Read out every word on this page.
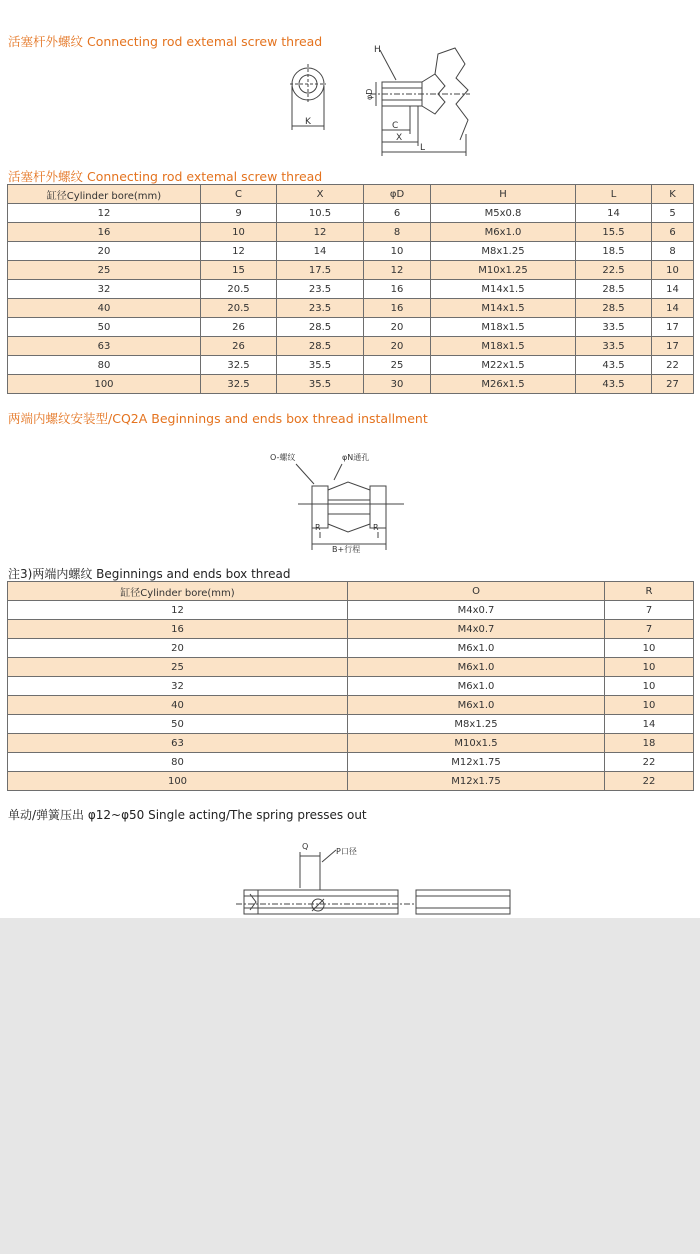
活塞杆外螺纹 Connecting rod extemal screw thread
H
φD
C
X
L
K
活塞杆外螺纹 Connecting rod extemal screw thread
缸径Cylinder bore(mm)	C	X	φD	H	L	K
12	9	10.5	6	M5x0.8	14	5
16	10	12	8	M6x1.0	15.5	6
20	12	14	10	M8x1.25	18.5	8
25	15	17.5	12	M10x1.25	22.5	10
32	20.5	23.5	16	M14x1.5	28.5	14
40	20.5	23.5	16	M14x1.5	28.5	14
50	26	28.5	20	M18x1.5	33.5	17
63	26	28.5	20	M18x1.5	33.5	17
80	32.5	35.5	25	M22x1.5	43.5	22
100	32.5	35.5	30	M26x1.5	43.5	27
两端内螺纹安装型/CQ2A Beginnings and ends box thread installment
O-螺纹	φN通孔
R	R
B+行程
注3)两端内螺纹 Beginnings and ends box thread
缸径Cylinder bore(mm)	O	R
12	M4x0.7	7
16	M4x0.7	7
20	M6x1.0	10
25	M6x1.0	10
32	M6x1.0	10
40	M6x1.0	10
50	M8x1.25	14
63	M10x1.5	18
80	M12x1.75	22
100	M12x1.75	22
单动/弹簧压出 φ12~φ50 Single acting/The spring presses out
Q
P口径
